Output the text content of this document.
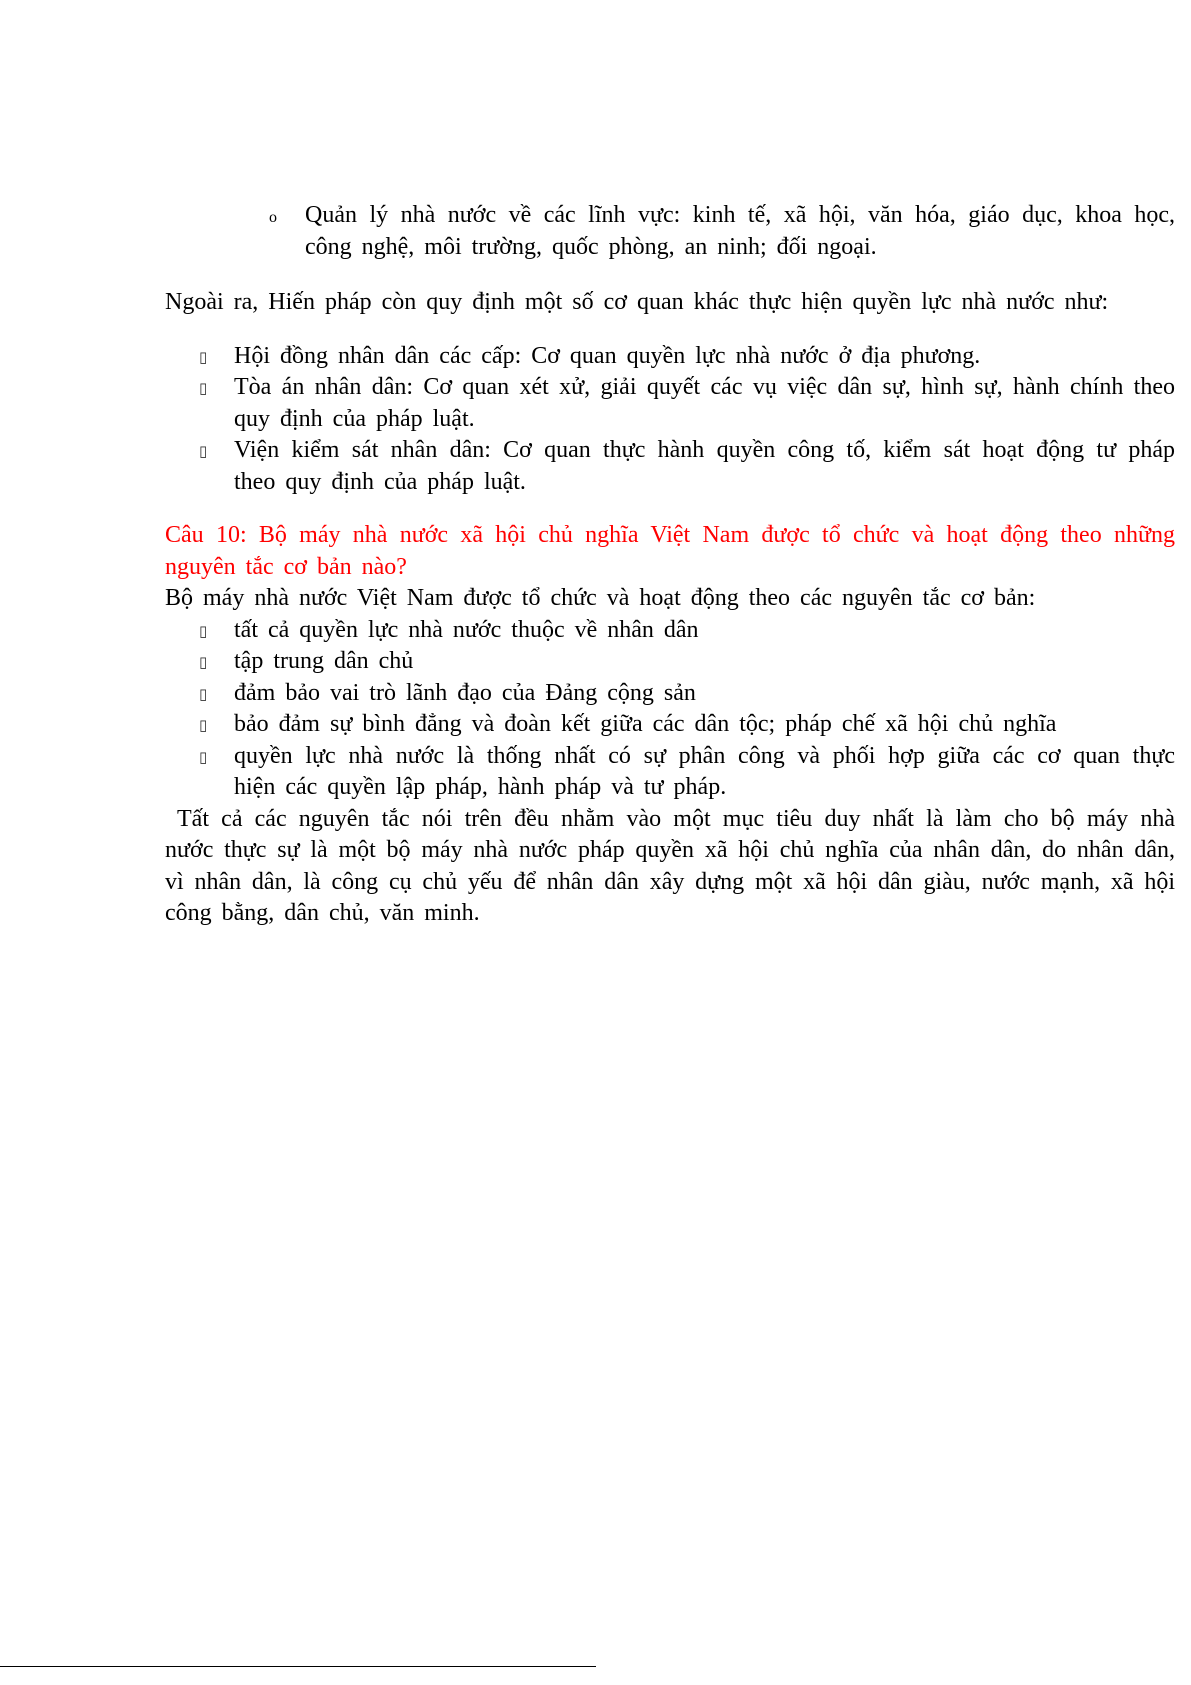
o Quản lý nhà nước về các lĩnh vực: kinh tế, xã hội, văn hóa, giáo dục, khoa học, công nghệ, môi trường, quốc phòng, an ninh; đối ngoại.

Ngoài ra, Hiến pháp còn quy định một số cơ quan khác thực hiện quyền lực nhà nước như:

▯ Hội đồng nhân dân các cấp: Cơ quan quyền lực nhà nước ở địa phương.
▯ Tòa án nhân dân: Cơ quan xét xử, giải quyết các vụ việc dân sự, hình sự, hành chính theo quy định của pháp luật.
▯ Viện kiểm sát nhân dân: Cơ quan thực hành quyền công tố, kiểm sát hoạt động tư pháp theo quy định của pháp luật.

Câu 10: Bộ máy nhà nước xã hội chủ nghĩa Việt Nam được tổ chức và hoạt động theo những nguyên tắc cơ bản nào?

Bộ máy nhà nước Việt Nam được tổ chức và hoạt động theo các nguyên tắc cơ bản:

▯ tất cả quyền lực nhà nước thuộc về nhân dân
▯ tập trung dân chủ
▯ đảm bảo vai trò lãnh đạo của Đảng cộng sản
▯ bảo đảm sự bình đẳng và đoàn kết giữa các dân tộc; pháp chế xã hội chủ nghĩa
▯ quyền lực nhà nước là thống nhất có sự phân công và phối hợp giữa các cơ quan thực hiện các quyền lập pháp, hành pháp và tư pháp.

Tất cả các nguyên tắc nói trên đều nhằm vào một mục tiêu duy nhất là làm cho bộ máy nhà nước thực sự là một bộ máy nhà nước pháp quyền xã hội chủ nghĩa của nhân dân, do nhân dân, vì nhân dân, là công cụ chủ yếu để nhân dân xây dựng một xã hội dân giàu, nước mạnh, xã hội công bằng, dân chủ, văn minh.
